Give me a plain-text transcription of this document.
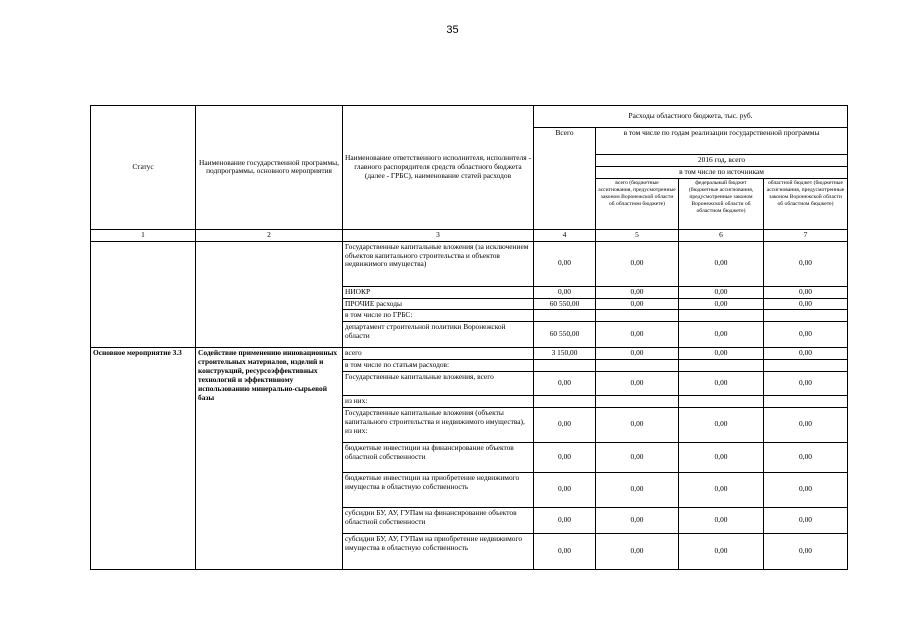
35
Статус	Наименование государственной программы, подпрограммы, основного мероприятия	Наименование ответственного исполнителя, исполнителя - главного распорядителя средств областного бюджета (далее - ГРБС), наименование статей расходов	Расходы областного бюджета, тыс. руб.			
			Всего	в том числе по годам реализации государственной программы		
				2016 год, всего		
				в том числе по источникам		
				всего (бюджетные ассигнования, предусмотренные законом Воронежской области об областном бюджете)	федеральный бюджет (бюджетные ассигнования, предусмотренные законом Воронежской области об областном бюджете)	областной бюджет (бюджетные ассигнования, предусмотренные законом Воронежской области об областном бюджете)
1	2	3	4	5	6	7
		Государственные капитальные вложения (за исключением объектов капитального строительства и объектов недвижимого имущества)	0,00	0,00	0,00	0,00
		НИОКР	0,00	0,00	0,00	0,00
		ПРОЧИЕ расходы	60 550,00	0,00	0,00	0,00
		в том числе по ГРБС:				
		департамент строительной политики Воронежской области	60 550,00	0,00	0,00	0,00
Основное мероприятие 3.3	Содействие применению инновационных строительных материалов, изделий и конструкций, ресурсоэффективных технологий и эффективному использованию минерально-сырьевой базы	всего	3 150,00	0,00	0,00	0,00
		в том числе по статьям расходов:				
		Государственные капитальные вложения, всего	0,00	0,00	0,00	0,00
		из них:				
		Государственные капитальные вложения (объекты капитального строительства и недвижимого имущества), из них:	0,00	0,00	0,00	0,00
		бюджетные инвестиции на финансирование объектов областной собственности	0,00	0,00	0,00	0,00
		бюджетные инвестиции на приобретение недвижимого имущества в областную собственность	0,00	0,00	0,00	0,00
		субсидии БУ, АУ, ГУПам на финансирование объектов областной собственности	0,00	0,00	0,00	0,00
		субсидии БУ, АУ, ГУПам на приобретение недвижимого имущества в областную собственность	0,00	0,00	0,00	0,00
